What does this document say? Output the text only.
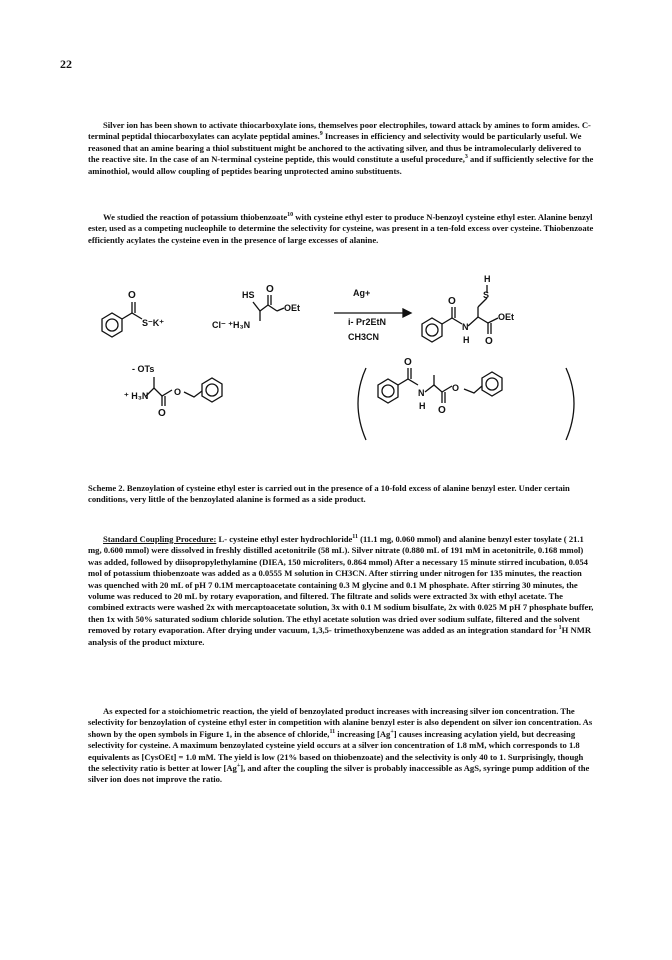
22

Silver ion has been shown to activate thiocarboxylate ions, themselves poor electrophiles, toward attack by amines to form amides. C-terminal peptidal thiocarboxylates can acylate peptidal amines.$^9$ Increases in efficiency and selectivity would be particularly useful. We reasoned that an amine bearing a thiol substituent might be anchored to the activating silver, and thus be intramolecularly delivered to the reactive site. In the case of an N-terminal cysteine peptide, this would constitute a useful procedure,$^3$ and if sufficiently selective for the aminothiol, would allow coupling of peptides bearing unprotected amino substituents.

We studied the reaction of potassium thiobenzoate$^{10}$ with cysteine ethyl ester to produce N-benzoyl cysteine ethyl ester. Alanine benzyl ester, used as a competing nucleophile to determine the selectivity for cysteine, was present in a ten-fold excess over cysteine. Thiobenzoate efficiently acylates the cysteine even in the presence of large excesses of alanine.

O
S⁻K⁺
HS
Cl⁻ ⁺H₃N
OEt
O	Ag+
i- Pr2EtN
CH3CN
H
S
O
N
H
OEt
O
- OTs
⁺ H₃N	O
O
O
N
H
O
O

Scheme 2. Benzoylation of cysteine ethyl ester is carried out in the presence of a 10-fold excess of alanine benzyl ester. Under certain conditions, very little of the benzoylated alanine is formed as a side product.

Standard Coupling Procedure: L- cysteine ethyl ester hydrochloride$^{11}$ (11.1 mg, 0.060 mmol) and alanine benzyl ester tosylate ( 21.1 mg, 0.600 mmol) were dissolved in freshly distilled acetonitrile (58 mL). Silver nitrate (0.880 mL of 191 mM in acetonitrile, 0.168 mmol) was added, followed by diisopropylethylamine (DIEA, 150 microliters, 0.864 mmol) After a necessary 15 minute stirred incubation, 0.054 mol of potassium thiobenzoate was added as a 0.0555 M solution in CH3CN. After stirring under nitrogen for 135 minutes, the reaction was quenched with 20 mL of pH 7 0.1M mercaptoacetate containing 0.3 M glycine and 0.1 M phosphate. After stirring 30 minutes, the volume was reduced to 20 mL by rotary evaporation, and filtered. The filtrate and solids were extracted 3x with ethyl acetate. The combined extracts were washed 2x with mercaptoacetate solution, 3x with 0.1 M sodium bisulfate, 2x with 0.025 M pH 7 phosphate buffer, then 1x with 50% saturated sodium chloride solution. The ethyl acetate solution was dried over sodium sulfate, filtered and the solvent removed by rotary evaporation. After drying under vacuum, 1,3,5- trimethoxybenzene was added as an integration standard for $^1$H NMR analysis of the product mixture.

As expected for a stoichiometric reaction, the yield of benzoylated product increases with increasing silver ion concentration. The selectivity for benzoylation of cysteine ethyl ester in competition with alanine benzyl ester is also dependent on silver ion concentration. As shown by the open symbols in Figure 1, in the absence of chloride,$^{11}$ increasing [Ag+] causes increasing acylation yield, but decreasing selectivity for cysteine. A maximum benzoylated cysteine yield occurs at a silver ion concentration of 1.8 mM, which corresponds to 1.8 equivalents as [CysOEt] = 1.0 mM. The yield is low (21% based on thiobenzoate) and the selectivity is only 40 to 1. Surprisingly, though the selectivity ratio is better at lower [Ag+], and after the coupling the silver is probably inaccessible as AgS, syringe pump addition of the silver ion does not improve the ratio.
